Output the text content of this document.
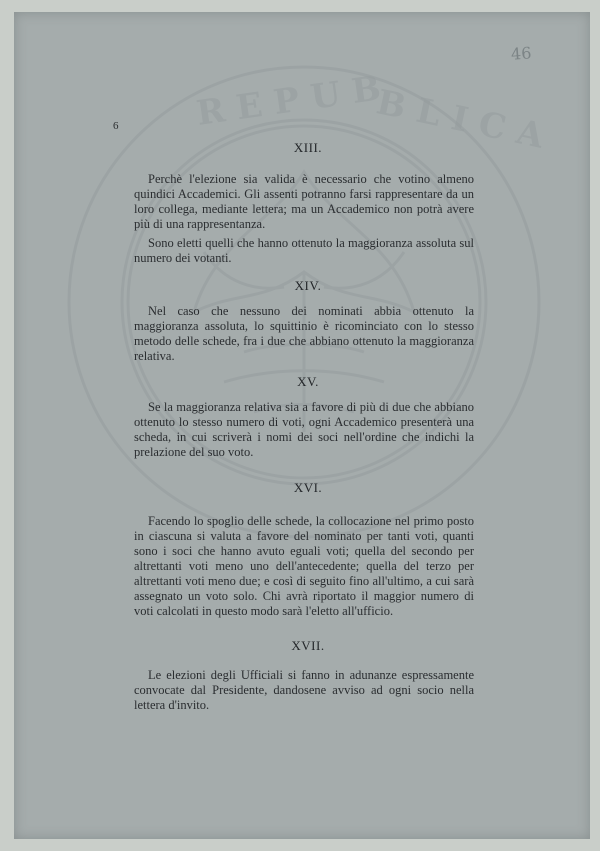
R E P U B
B L I C A
46
6

XIII.

Perchè l'elezione sia valida è necessario che votino almeno quindici Accademici. Gli assenti potranno farsi rappresentare da un loro collega, mediante lettera; ma un Accademico non potrà avere più di una rappresentanza.

Sono eletti quelli che hanno ottenuto la maggioranza assoluta sul numero dei votanti.

XIV.

Nel caso che nessuno dei nominati abbia ottenuto la maggioranza assoluta, lo squittinio è ricominciato con lo stesso metodo delle schede, fra i due che abbiano ottenuto la maggioranza relativa.

XV.

Se la maggioranza relativa sia a favore di più di due che abbiano ottenuto lo stesso numero di voti, ogni Accademico presenterà una scheda, in cui scriverà i nomi dei soci nell'ordine che indichi la prelazione del suo voto.

XVI.

Facendo lo spoglio delle schede, la collocazione nel primo posto in ciascuna si valuta a favore del nominato per tanti voti, quanti sono i soci che hanno avuto eguali voti; quella del secondo per altrettanti voti meno uno dell'antecedente; quella del terzo per altrettanti voti meno due; e così di seguito fino all'ultimo, a cui sarà assegnato un voto solo. Chi avrà riportato il maggior numero di voti calcolati in questo modo sarà l'eletto all'ufficio.

XVII.

Le elezioni degli Ufficiali si fanno in adunanze espressamente convocate dal Presidente, dandosene avviso ad ogni socio nella lettera d'invito.
